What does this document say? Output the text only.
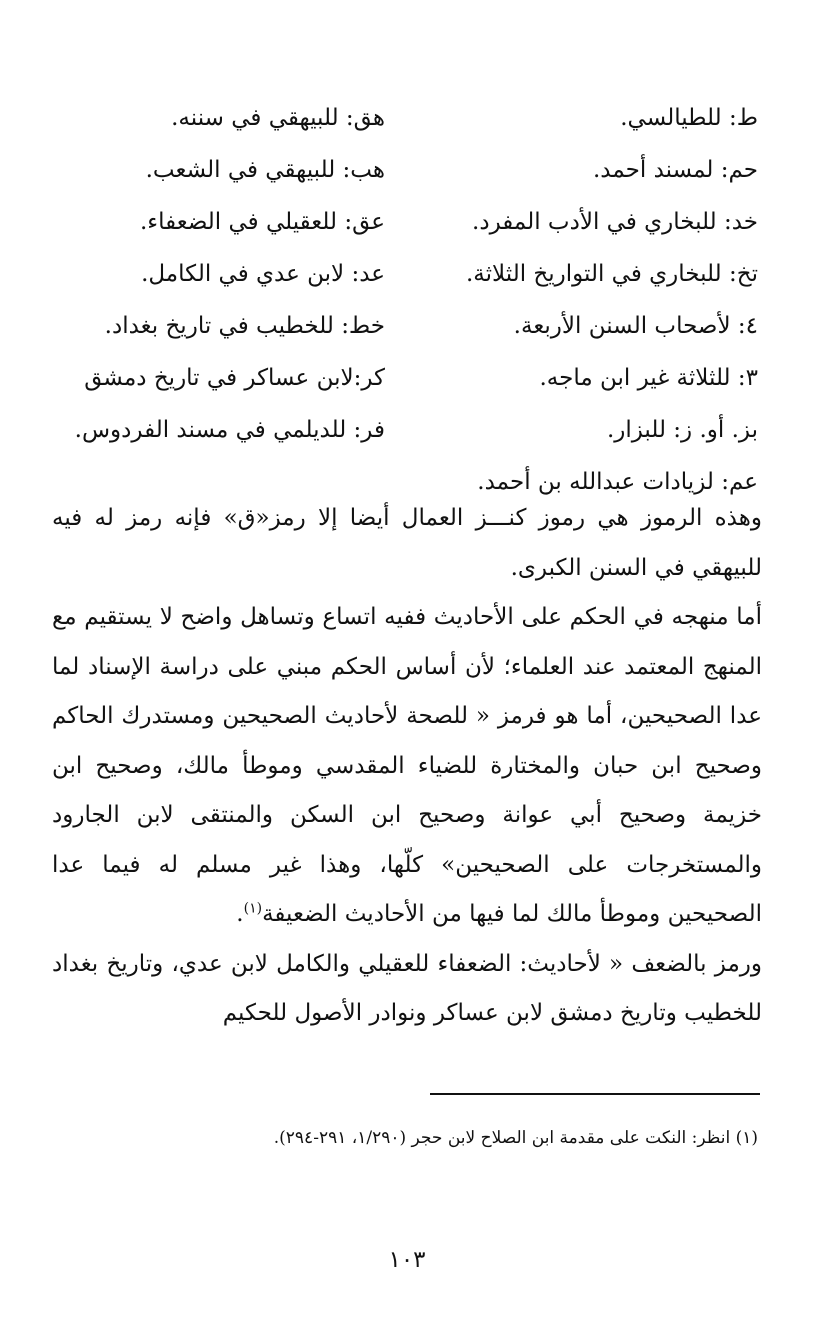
ط: للطيالسي.
هق: للبيهقي في سننه.
حم: لمسند أحمد.
هب: للبيهقي في الشعب.
خد: للبخاري في الأدب المفرد.
عق: للعقيلي في الضعفاء.
تخ: للبخاري في التواريخ الثلاثة.
عد: لابن عدي في الكامل.
٤: لأصحاب السنن الأربعة.
خط: للخطيب في تاريخ بغداد.
٣: للثلاثة غير ابن ماجه.
كر:لابن عساكر في تاريخ دمشق
بز. أو. ز: للبزار.
فر: للديلمي في مسند الفردوس.
عم: لزيادات عبدالله بن أحمد.

وهذه الرموز هي رموز كنـــز العمال أيضا إلا رمز«ق» فإنه رمز له فيه للبيهقي في السنن الكبرى.

أما منهجه في الحكم على الأحاديث ففيه اتساع وتساهل واضح لا يستقيم مع المنهج المعتمد عند العلماء؛ لأن أساس الحكم مبني على دراسة الإسناد لما عدا الصحيحين، أما هو فرمز « للصحة لأحاديث الصحيحين ومستدرك الحاكم وصحيح ابن حبان والمختارة للضياء المقدسي وموطأ مالك، وصحيح ابن خزيمة وصحيح أبي عوانة وصحيح ابن السكن والمنتقى لابن الجارود والمستخرجات على الصحيحين» كلّها، وهذا غير مسلم له فيما عدا الصحيحين وموطأ مالك لما فيها من الأحاديث الضعيفة$^{(١)}$.

ورمز بالضعف « لأحاديث: الضعفاء للعقيلي والكامل لابن عدي، وتاريخ بغداد للخطيب وتاريخ دمشق لابن عساكر ونوادر الأصول للحكيم

(١) انظر: النكت على مقدمة ابن الصلاح لابن حجر (١/٢٩٠، ٢٩١-٢٩٤).
١٠٣
